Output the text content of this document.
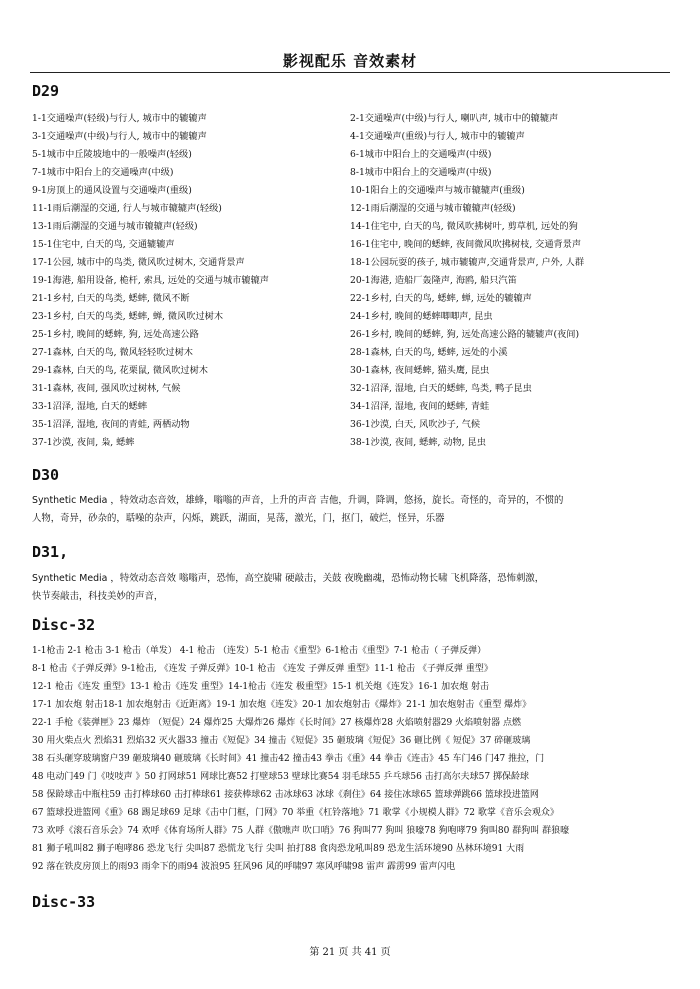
影视配乐 音效素材
D29
1-1交通噪声(轻级)与行人, 城市中的辘辘声	2-1交通噪声(中级)与行人, 喇叭声, 城市中的辘辘声
3-1交通噪声(中级)与行人, 城市中的辘辘声	4-1交通噪声(重级)与行人, 城市中的辘辘声
5-1城市中丘陵坡地中的一般噪声(轻级)	6-1城市中阳台上的交通噪声(中级)
7-1城市中阳台上的交通噪声(中级)	8-1城市中阳台上的交通噪声(中级)
9-1房顶上的通风设置与交通噪声(重级)	10-1阳台上的交通噪声与城市辘辘声(重级)
11-1雨后潮湿的交通, 行人与城市辘辘声(轻级)	12-1雨后潮湿的交通与城市辘辘声(轻级)
13-1雨后潮湿的交通与城市辘辘声(轻级)	14-1住宅中, 白天的鸟, 微风吹拂树叶, 剪草机, 远处的狗
15-1住宅中, 白天的鸟, 交通辘辘声	16-1住宅中, 晚间的蟋蟀, 夜间微风吹拂树枝, 交通背景声
17-1公园, 城市中的鸟类, 微风吹过树木, 交通背景声	18-1公园玩耍的孩子, 城市辘辘声,交通背景声, 户外, 人群
19-1海港, 船用设备, 桅杆, 索具, 远处的交通与城市辘辘声	20-1海港, 造船厂轰隆声, 海鸥, 船只汽笛
21-1乡村, 白天的鸟类, 蟋蟀, 微风不断	22-1乡村, 白天的鸟, 蟋蟀, 蝉, 远处的辘辘声
23-1乡村, 白天的鸟类, 蟋蟀, 蝉, 微风吹过树木	24-1乡村, 晚间的蟋蟀唧唧声, 昆虫
25-1乡村, 晚间的蟋蟀, 狗, 远处高速公路	26-1乡村, 晚间的蟋蟀, 狗, 远处高速公路的辘辘声(夜间)
27-1森林, 白天的鸟, 微风轻轻吹过树木	28-1森林, 白天的鸟, 蟋蟀, 远处的小溪
29-1森林, 白天的鸟, 花栗鼠, 微风吹过树木	30-1森林, 夜间蟋蟀, 猫头鹰, 昆虫
31-1森林, 夜间, 强风吹过树林, 气候	32-1沼泽, 湿地, 白天的蟋蟀, 鸟类, 鸭子昆虫
33-1沼泽, 湿地, 白天的蟋蟀	34-1沼泽, 湿地, 夜间的蟋蟀, 青蛙
35-1沼泽, 湿地, 夜间的青蛙, 两栖动物	36-1沙漠, 白天, 风吹沙子, 气候
37-1沙漠, 夜间, 枭, 蟋蟀	38-1沙漠, 夜间, 蟋蟀, 动物, 昆虫
D30

Synthetic Media ，特效动态音效，雄蜂，嗡嗡的声音，上升的声音 吉他，升调，降调，悠扬，旋长。奇怪的，奇异的，不惯的

人物，奇异，砂杂的，聒噪的杂声，闪烁，跳跃，湖面，晃荡，激光，门，抠门，破烂，怪异，乐器

D31,

Synthetic Media ，特效动态音效 嗡嗡声，恐怖，高空旋啸 硬敲击，关鼓 夜晚幽魂，恐怖动物长啸 飞机降落，恐怖刺激，

快节奏敲击，科技美妙的声音，

Disc-32

1-1枪击 2-1 枪击 3-1 枪击（单发） 4-1 枪击 （连发）5-1 枪击《重型》6-1枪击《重型》7-1 枪击（ 子弹反弹）

8-1 枪击《子弹反弹》9-1枪击, 《连发 子弹反弹》10-1 枪击 《连发 子弹反弹 重型》11-1 枪击 《子弹反弹 重型》

12-1 枪击《连发 重型》13-1 枪击《连发 重型》14-1枪击《连发 极重型》15-1 机关炮《连发》16-1 加农炮 射击

17-1 加农炮 射击18-1 加农炮射击《近距离》19-1 加农炮《连发》20-1 加农炮射击《爆炸》21-1 加农炮射击《重型 爆炸》

22-1 手枪《装弹匣》23 爆炸 （短促）24 爆炸25 大爆炸26 爆炸《长时间》27 核爆炸28 火焰喷射器29 火焰喷射器 点燃

30 用火柴点火 烈焰31 烈焰32 灭火器33 撞击《短促》34 撞击《短促》35 砸玻璃《短促》36 砸比例《 短促》37 碎砸玻璃

38 石头砸穿玻璃窗户39 砸玻璃40 砸玻璃《长时间》41 撞击42 撞击43 拳击《重》44 拳击《连击》45 车门46 门47 推拉，门

48 电动门49 门《吱吱声 》50 打网球51 网球比赛52 打壁球53 壁球比赛54 羽毛球55 乒乓球56 击打高尔夫球57 掷保龄球

58 保龄球击中瓶柱59 击打棒球60 击打棒球61 接获棒球62 击冰球63 冰球《刹住》64 接住冰球65 篮球弹跳66 篮球投进篮网

67 篮球投进篮网《重》68 踢足球69 足球《击中门框，门网》70 举重《杠铃落地》71 歌掌《小规模人群》72 歌掌《音乐会观众》

73 欢呼《滚石音乐会》74 欢呼《体育场所人群》75 人群《傲噍声 吹口哨》76 狗叫77 狗叫 狼嚎78 狗咆哮79 狗叫80 群狗叫 群狼嚎

81 狮子吼叫82 狮子咆哮86 恐龙飞行 尖叫87 恐慌龙飞行 尖叫 拍打88 食肉恐龙吼叫89 恐龙生活环境90 丛林环境91 大雨

92 落在铁皮房顶上的雨93 雨伞下的雨94 波浪95 狂风96 风的呼啸97 寒风呼啸98 雷声 霹雳99 雷声闪电

Disc-33
第 21 页 共 41 页
